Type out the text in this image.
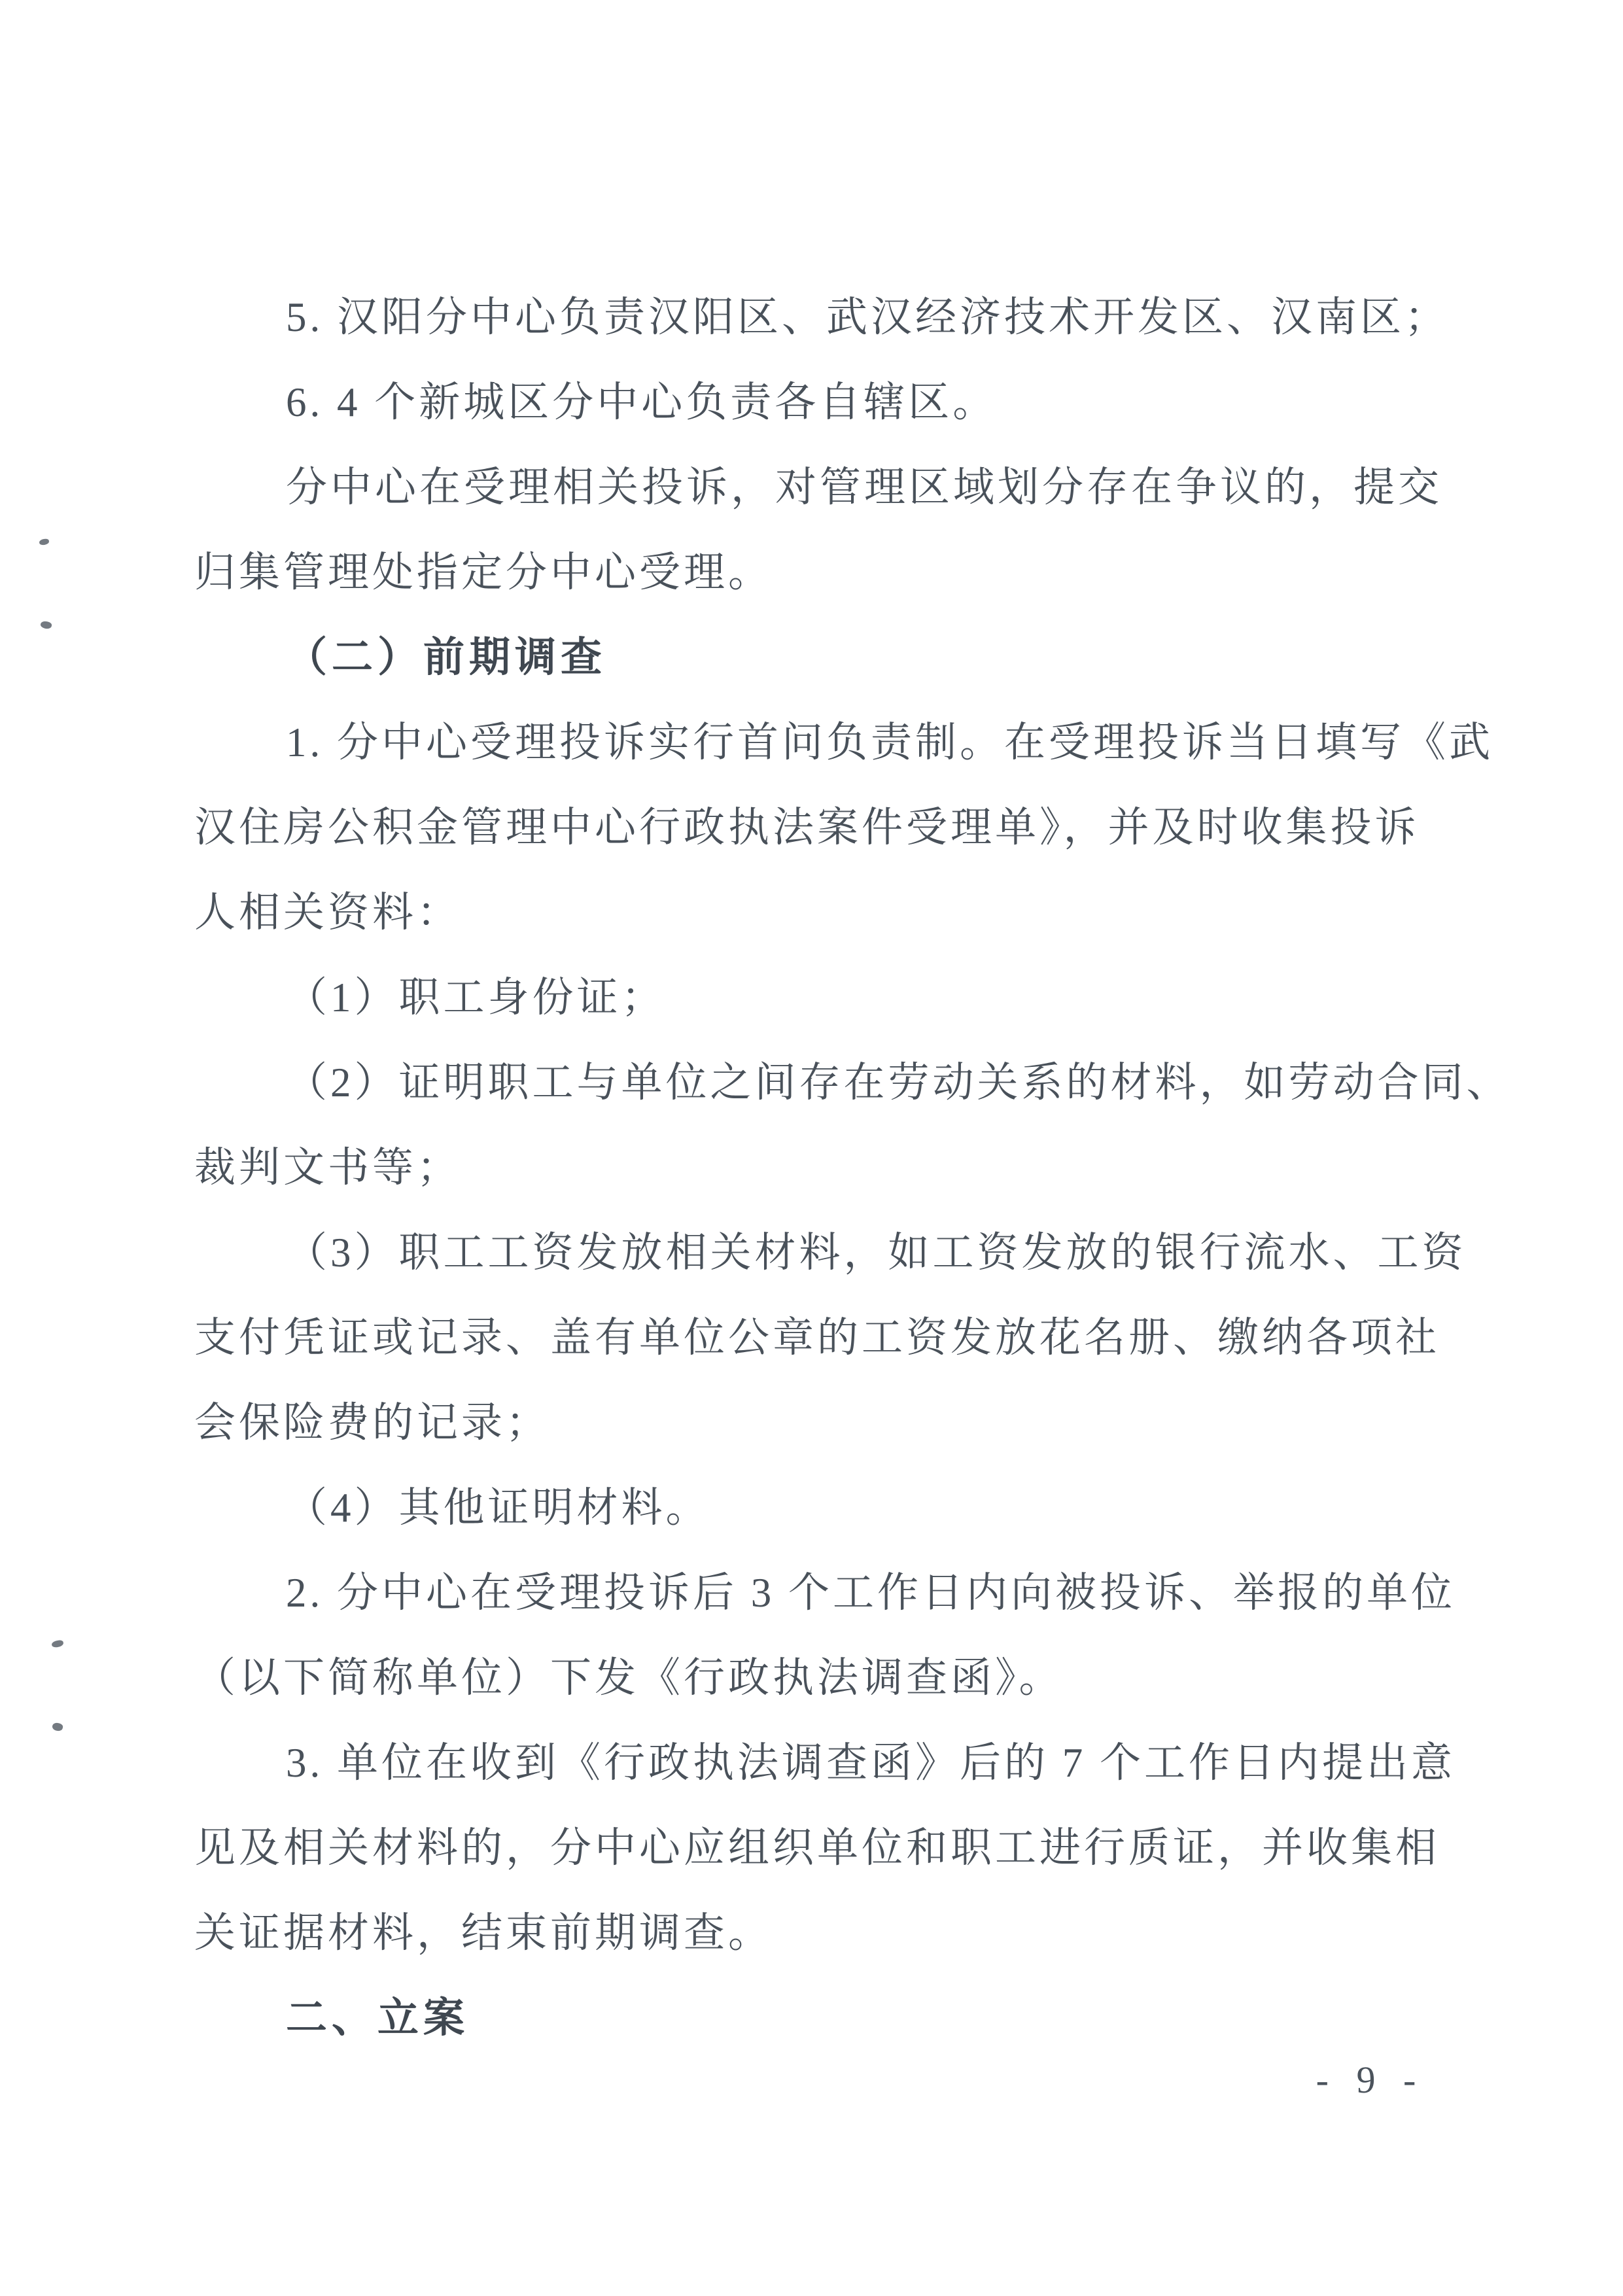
5. 汉阳分中心负责汉阳区、武汉经济技术开发区、汉南区；
6. 4 个新城区分中心负责各自辖区。
分中心在受理相关投诉，对管理区域划分存在争议的，提交
归集管理处指定分中心受理。
（二）前期调查
1. 分中心受理投诉实行首问负责制。在受理投诉当日填写《武
汉住房公积金管理中心行政执法案件受理单》，并及时收集投诉
人相关资料：
（1）职工身份证；
（2）证明职工与单位之间存在劳动关系的材料，如劳动合同、
裁判文书等；
（3）职工工资发放相关材料，如工资发放的银行流水、工资
支付凭证或记录、盖有单位公章的工资发放花名册、缴纳各项社
会保险费的记录；
（4）其他证明材料。
2. 分中心在受理投诉后 3 个工作日内向被投诉、举报的单位
（以下简称单位）下发《行政执法调查函》。
3. 单位在收到《行政执法调查函》后的 7 个工作日内提出意
见及相关材料的，分中心应组织单位和职工进行质证，并收集相
关证据材料，结束前期调查。
二、立案
- 9 -
